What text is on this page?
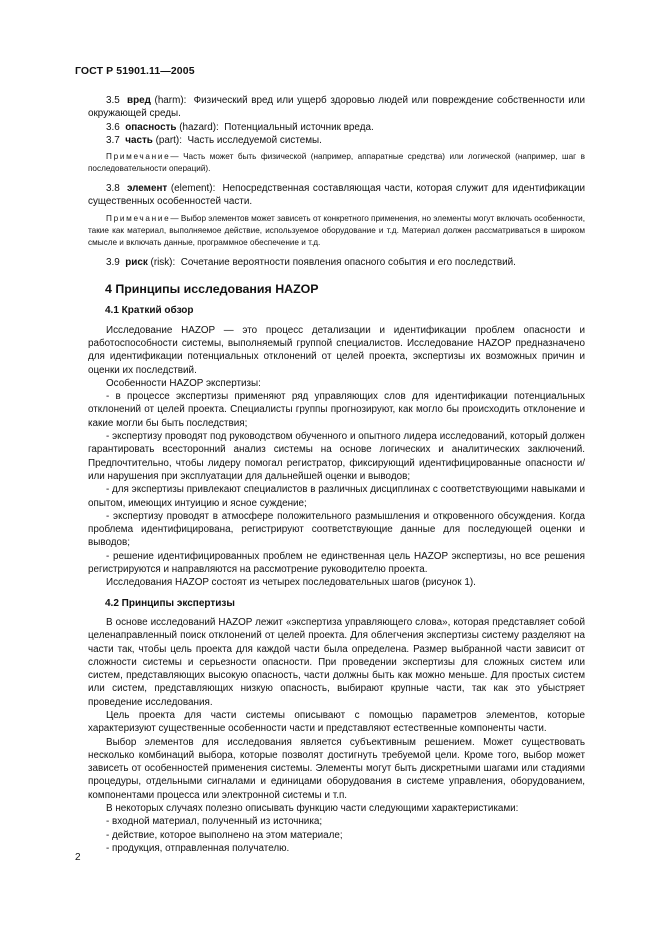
ГОСТ Р 51901.11—2005

3.5 вред (harm): Физический вред или ущерб здоровью людей или повреждение собственности или окружающей среды.

3.6 опасность (hazard): Потенциальный источник вреда.

3.7 часть (part): Часть исследуемой системы.

Примечание— Часть может быть физической (например, аппаратные средства) или логической (например, шаг в последовательности операций).

3.8 элемент (element): Непосредственная составляющая части, которая служит для идентификации существенных особенностей части.

Примечание— Выбор элементов может зависеть от конкретного применения, но элементы могут включать особенности, такие как материал, выполняемое действие, используемое оборудование и т.д. Материал должен рассматриваться в широком смысле и включать данные, программное обеспечение и т.д.

3.9 риск (risk): Сочетание вероятности появления опасного события и его последствий.

4 Принципы исследования HAZOP
4.1 Краткий обзор

Исследование HAZOP — это процесс детализации и идентификации проблем опасности и работоспособности системы, выполняемый группой специалистов. Исследование HAZOP предназначено для идентификации потенциальных отклонений от целей проекта, экспертизы их возможных причин и оценки их последствий.

Особенности HAZOP экспертизы:

- в процессе экспертизы применяют ряд управляющих слов для идентификации потенциальных отклонений от целей проекта. Специалисты группы прогнозируют, как могло бы происходить отклонение и какие могли бы быть последствия;

- экспертизу проводят под руководством обученного и опытного лидера исследований, который должен гарантировать всесторонний анализ системы на основе логических и аналитических заключений. Предпочтительно, чтобы лидеру помогал регистратор, фиксирующий идентифицированные опасности и/или нарушения при эксплуатации для дальнейшей оценки и выводов;

- для экспертизы привлекают специалистов в различных дисциплинах с соответствующими навыками и опытом, имеющих интуицию и ясное суждение;

- экспертизу проводят в атмосфере положительного размышления и откровенного обсуждения. Когда проблема идентифицирована, регистрируют соответствующие данные для последующей оценки и выводов;

- решение идентифицированных проблем не единственная цель HAZOP экспертизы, но все решения регистрируются и направляются на рассмотрение руководителю проекта.

Исследования HAZOP состоят из четырех последовательных шагов (рисунок 1).

4.2 Принципы экспертизы

В основе исследований HAZOP лежит «экспертиза управляющего слова», которая представляет собой целенаправленный поиск отклонений от целей проекта. Для облегчения экспертизы систему разделяют на части так, чтобы цель проекта для каждой части была определена. Размер выбранной части зависит от сложности системы и серьезности опасности. При проведении экспертизы для сложных систем или систем, представляющих высокую опасность, части должны быть как можно меньше. Для простых систем или систем, представляющих низкую опасность, выбирают крупные части, так как это убыстряет проведение исследования.

Цель проекта для части системы описывают с помощью параметров элементов, которые характеризуют существенные особенности части и представляют естественные компоненты части.

Выбор элементов для исследования является субъективным решением. Может существовать несколько комбинаций выбора, которые позволят достигнуть требуемой цели. Кроме того, выбор может зависеть от особенностей применения системы. Элементы могут быть дискретными шагами или стадиями процедуры, отдельными сигналами и единицами оборудования в системе управления, оборудованием, компонентами процесса или электронной системы и т.п.

В некоторых случаях полезно описывать функцию части следующими характеристиками:

- входной материал, полученный из источника;

- действие, которое выполнено на этом материале;

- продукция, отправленная получателю.

2
